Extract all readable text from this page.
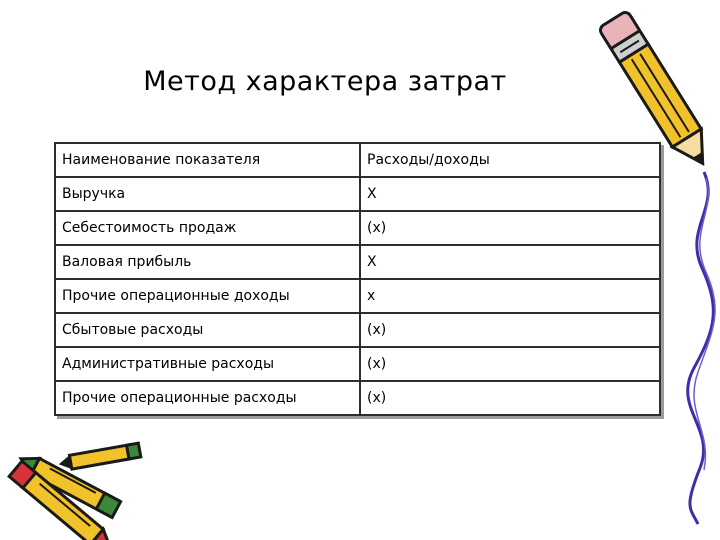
Метод характера затрат
Наименование показателя	Расходы/доходы
Выручка	Х
Себестоимость продаж	(х)
Валовая прибыль	Х
Прочие операционные доходы	х
Сбытовые расходы	(х)
Административные расходы	(х)
Прочие операционные расходы	(х)
